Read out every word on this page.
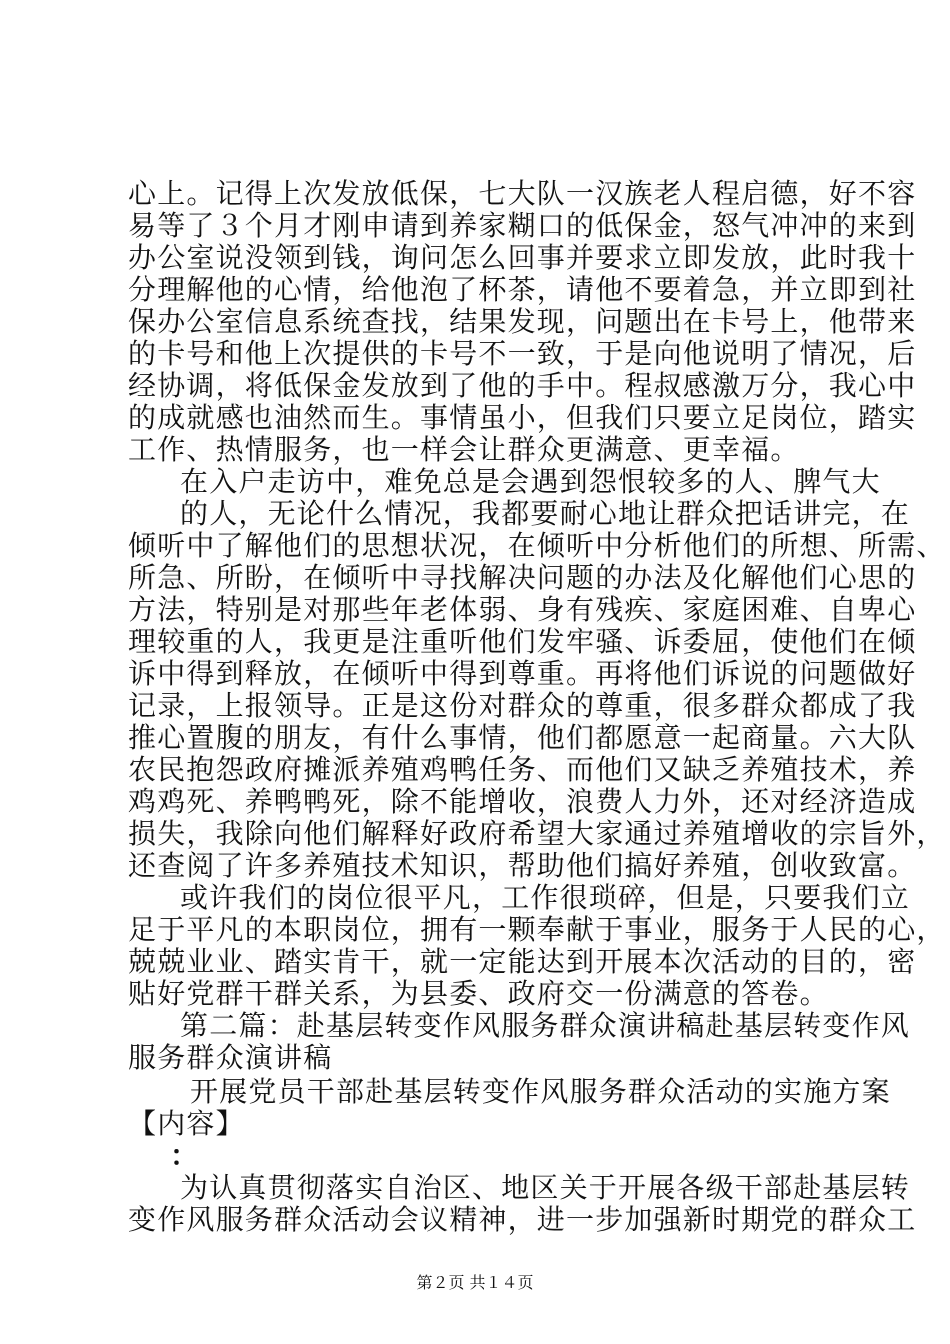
心上。记得上次发放低保，七大队一汉族老人程启德，好不容
易等了３个月才刚申请到养家糊口的低保金，怒气冲冲的来到
办公室说没领到钱，询问怎么回事并要求立即发放，此时我十
分理解他的心情，给他泡了杯茶，请他不要着急，并立即到社
保办公室信息系统查找，结果发现，问题出在卡号上，他带来
的卡号和他上次提供的卡号不一致，于是向他说明了情况，后
经协调，将低保金发放到了他的手中。程叔感激万分，我心中
的成就感也油然而生。事情虽小，但我们只要立足岗位，踏实
工作、热情服务，也一样会让群众更满意、更幸福。
在入户走访中，难免总是会遇到怨恨较多的人、脾气大
的人，无论什么情况，我都要耐心地让群众把话讲完，在
倾听中了解他们的思想状况，在倾听中分析他们的所想、所需、
所急、所盼，在倾听中寻找解决问题的办法及化解他们心思的
方法，特别是对那些年老体弱、身有残疾、家庭困难、自卑心
理较重的人，我更是注重听他们发牢骚、诉委屈，使他们在倾
诉中得到释放，在倾听中得到尊重。再将他们诉说的问题做好
记录，上报领导。正是这份对群众的尊重，很多群众都成了我
推心置腹的朋友，有什么事情，他们都愿意一起商量。六大队
农民抱怨政府摊派养殖鸡鸭任务、而他们又缺乏养殖技术，养
鸡鸡死、养鸭鸭死，除不能增收，浪费人力外，还对经济造成
损失，我除向他们解释好政府希望大家通过养殖增收的宗旨外，
还查阅了许多养殖技术知识，帮助他们搞好养殖，创收致富。
或许我们的岗位很平凡，工作很琐碎，但是，只要我们立
足于平凡的本职岗位，拥有一颗奉献于事业，服务于人民的心，
兢兢业业、踏实肯干，就一定能达到开展本次活动的目的，密
贴好党群干群关系，为县委、政府交一份满意的答卷。
第二篇：赴基层转变作风服务群众演讲稿赴基层转变作风
服务群众演讲稿
开展党员干部赴基层转变作风服务群众活动的实施方案
【内容】
：
为认真贯彻落实自治区、地区关于开展各级干部赴基层转
变作风服务群众活动会议精神，进一步加强新时期党的群众工
第２页 共１４页
